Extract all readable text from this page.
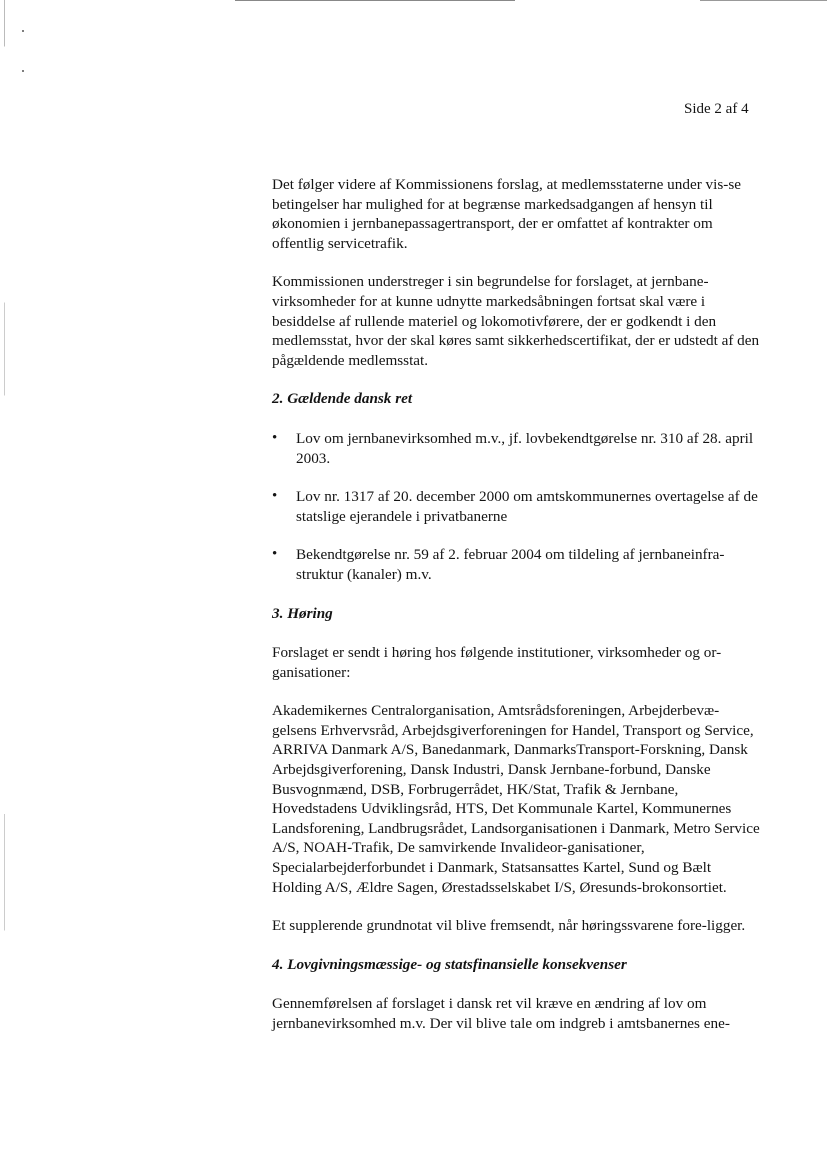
Side 2 af 4

Det følger videre af Kommissionens forslag, at medlemsstaterne under vis-se betingelser har mulighed for at begrænse markedsadgangen af hensyn til økonomien i jernbanepassagertransport, der er omfattet af kontrakter om offentlig servicetrafik.

Kommissionen understreger i sin begrundelse for forslaget, at jernbane-virksomheder for at kunne udnytte markedsåbningen fortsat skal være i besiddelse af rullende materiel og lokomotivførere, der er godkendt i den medlemsstat, hvor der skal køres samt sikkerhedscertifikat, der er udstedt af den pågældende medlemsstat.

2. Gældende dansk ret
• Lov om jernbanevirksomhed m.v., jf. lovbekendtgørelse nr. 310 af 28. april 2003.
• Lov nr. 1317 af 20. december 2000 om amtskommunernes overtagelse af de statslige ejerandele i privatbanerne
• Bekendtgørelse nr. 59 af 2. februar 2004 om tildeling af jernbaneinfra-struktur (kanaler) m.v.
3. Høring

Forslaget er sendt i høring hos følgende institutioner, virksomheder og or-ganisationer:

Akademikernes Centralorganisation, Amtsrådsforeningen, Arbejderbevæ-gelsens Erhvervsråd, Arbejdsgiverforeningen for Handel, Transport og Service, ARRIVA Danmark A/S, Banedanmark, DanmarksTransport-Forskning, Dansk Arbejdsgiverforening, Dansk Industri, Dansk Jernbane-forbund, Danske Busvognmænd, DSB, Forbrugerrådet, HK/Stat, Trafik & Jernbane, Hovedstadens Udviklingsråd, HTS, Det Kommunale Kartel, Kommunernes Landsforening, Landbrugsrådet, Landsorganisationen i Danmark, Metro Service A/S, NOAH-Trafik, De samvirkende Invalideor-ganisationer, Specialarbejderforbundet i Danmark, Statsansattes Kartel, Sund og Bælt Holding A/S, Ældre Sagen, Ørestadsselskabet I/S, Øresunds-brokonsortiet.

Et supplerende grundnotat vil blive fremsendt, når høringssvarene fore-ligger.

4. Lovgivningsmæssige- og statsfinansielle konsekvenser

Gennemførelsen af forslaget i dansk ret vil kræve en ændring af lov om jernbanevirksomhed m.v. Der vil blive tale om indgreb i amtsbanernes ene-
